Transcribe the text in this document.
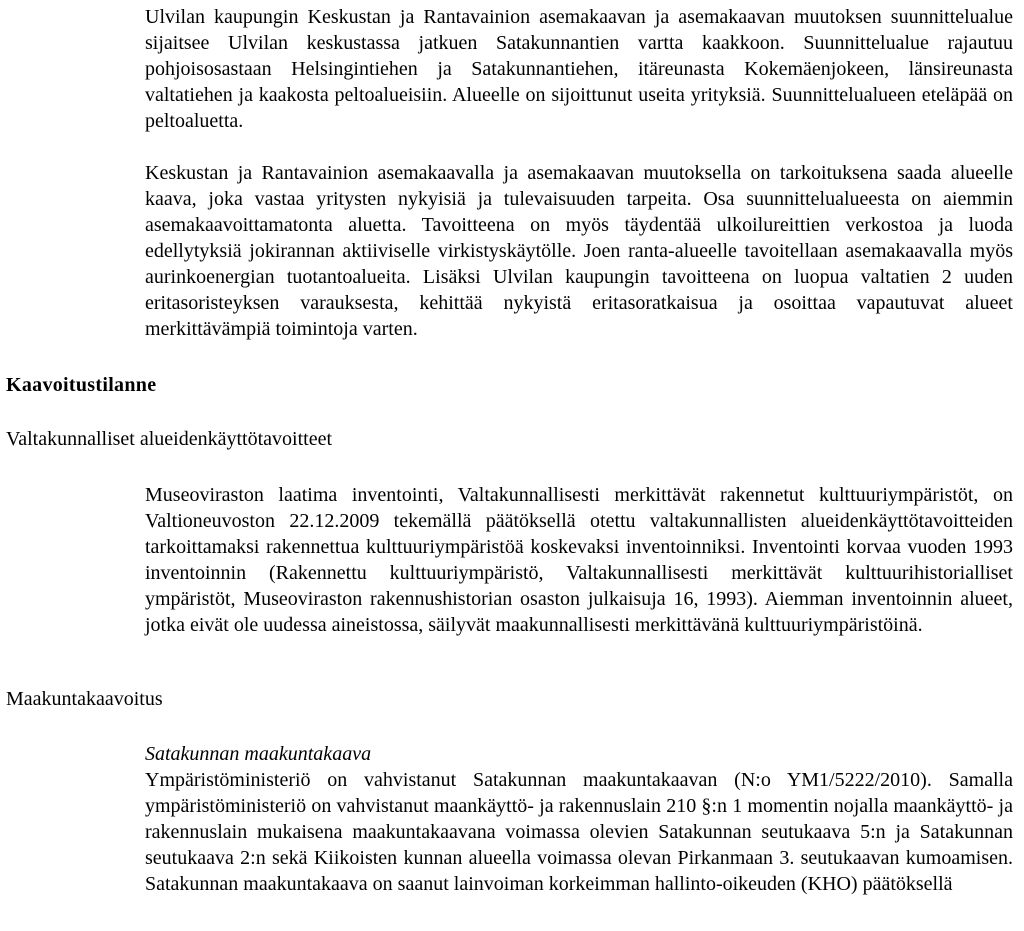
Ulvilan kaupungin Keskustan ja Rantavainion asemakaavan ja asemakaavan muutoksen suunnittelualue sijaitsee Ulvilan keskustassa jatkuen Satakunnantien vartta kaakkoon. Suunnittelualue rajautuu pohjoisosastaan Helsingintiehen ja Satakunnantiehen, itäreunasta Kokemäenjokeen, länsireunasta valtatiehen ja kaakosta peltoalueisiin. Alueelle on sijoittunut useita yrityksiä. Suunnittelualueen eteläpää on peltoaluetta.

Keskustan ja Rantavainion asemakaavalla ja asemakaavan muutoksella on tarkoituksena saada alueelle kaava, joka vastaa yritysten nykyisiä ja tulevaisuuden tarpeita. Osa suunnittelualueesta on aiemmin asemakaavoittamatonta aluetta. Tavoitteena on myös täydentää ulkoilureittien verkostoa ja luoda edellytyksiä jokirannan aktiiviselle virkistyskäytölle. Joen ranta-alueelle tavoitellaan asemakaavalla myös aurinkoenergian tuotantoalueita. Lisäksi Ulvilan kaupungin tavoitteena on luopua valtatien 2 uuden eritasoristeyksen varauksesta, kehittää nykyistä eritasoratkaisua ja osoittaa vapautuvat alueet merkittävämpiä toimintoja varten.

Kaavoitustilanne

Valtakunnalliset alueidenkäyttötavoitteet

Museoviraston laatima inventointi, Valtakunnallisesti merkittävät rakennetut kulttuuriympäristöt, on Valtioneuvoston 22.12.2009 tekemällä päätöksellä otettu valtakunnallisten alueidenkäyttötavoitteiden tarkoittamaksi rakennettua kulttuuriympäristöä koskevaksi inventoinniksi. Inventointi korvaa vuoden 1993 inventoinnin (Rakennettu kulttuuriympäristö, Valtakunnallisesti merkittävät kulttuurihistorialliset ympäristöt, Museoviraston rakennushistorian osaston julkaisuja 16, 1993). Aiemman inventoinnin alueet, jotka eivät ole uudessa aineistossa, säilyvät maakunnallisesti merkittävänä kulttuuriympäristöinä.

Maakuntakaavoitus

Satakunnan maakuntakaava

Ympäristöministeriö on vahvistanut Satakunnan maakuntakaavan (N:o YM1/5222/2010). Samalla ympäristöministeriö on vahvistanut maankäyttö- ja rakennuslain 210 §:n 1 momentin nojalla maankäyttö- ja rakennuslain mukaisena maakuntakaavana voimassa olevien Satakunnan seutukaava 5:n ja Satakunnan seutukaava 2:n sekä Kiikoisten kunnan alueella voimassa olevan Pirkanmaan 3. seutukaavan kumoamisen. Satakunnan maakuntakaava on saanut lainvoiman korkeimman hallinto-oikeuden (KHO) päätöksellä
